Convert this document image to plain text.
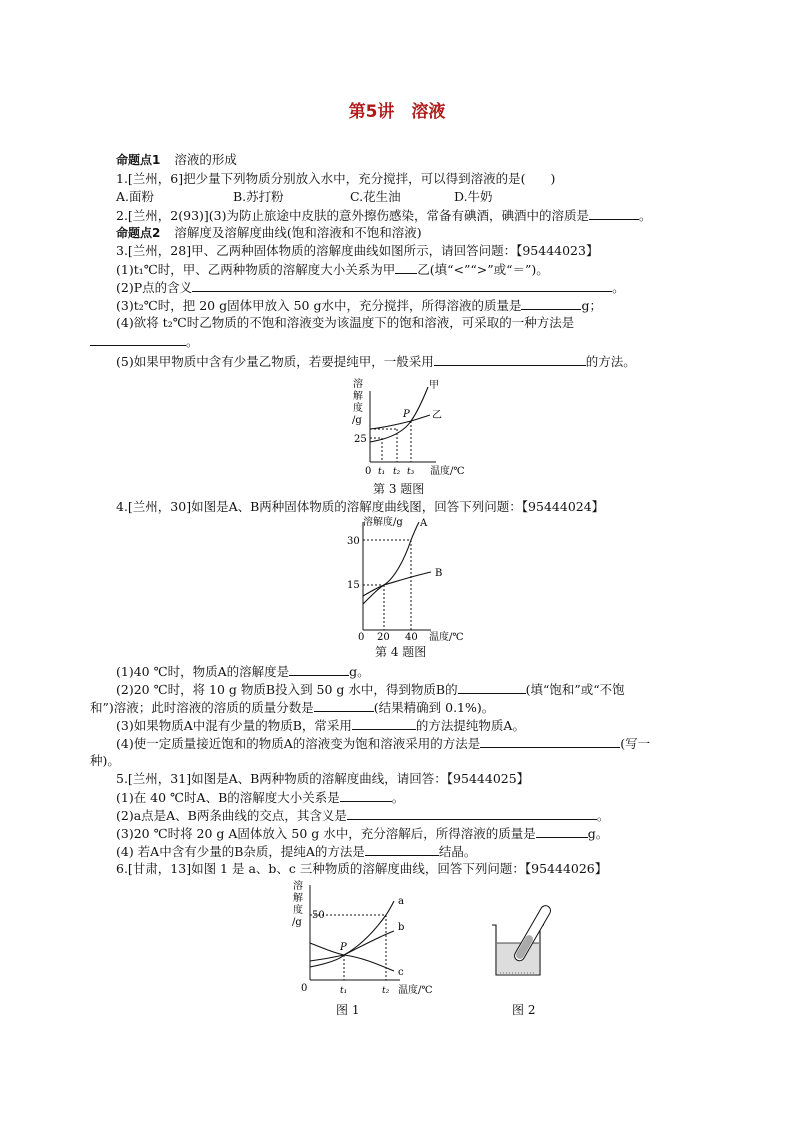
第5讲　溶液
命题点1 溶液的形成
1.[兰州，6]把少量下列物质分别放入水中，充分搅拌，可以得到溶液的是(　　)
A.面粉	B.苏打粉	C.花生油	D.牛奶
2.[兰州，2(93)](3)为防止旅途中皮肤的意外擦伤感染，常备有碘酒，碘酒中的溶质是	。
命题点2 溶解度及溶解度曲线(饱和溶液和不饱和溶液)
3.[兰州，28]甲、乙两种固体物质的溶解度曲线如图所示，请回答问题：【95444023】
(1)t₁℃时，甲、乙两种物质的溶解度大小关系为甲 乙(填“<”“>”或“＝”)。
(2)P点的含义	。
(3)t₂℃时，把 20 g固体甲放入 50 g水中，充分搅拌，所得溶液的质量是	g；
(4)欲将 t₂℃时乙物质的不饱和溶液变为该温度下的饱和溶液，可采取的一种方法是
。
(5)如果甲物质中含有少量乙物质，若要提纯甲，一般采用	的方法。
溶
解
度
/g
25
0
甲
乙
P
t₁ t₂ t₃ 温度/℃
第 3 题图
4.[兰州，30]如图是A、B两种固体物质的溶解度曲线图，回答下列问题：【95444024】
溶解度/g
30
15
0
A
B
20 40 温度/℃
第 4 题图
(1)40 ℃时，物质A的溶解度是	g。
(2)20 ℃时，将 10 g 物质B投入到 50 g 水中，得到物质B的	(填“饱和”或“不饱
和”)溶液；此时溶液的溶质的质量分数是	(结果精确到 0.1%)。
(3)如果物质A中混有少量的物质B，常采用	的方法提纯物质A。
(4)使一定质量接近饱和的物质A的溶液变为饱和溶液采用的方法是	(写一
种)。
5.[兰州，31]如图是A、B两种物质的溶解度曲线，请回答：【95444025】
(1)在 40 ℃时A、B的溶解度大小关系是	。
(2)a点是A、B两条曲线的交点，其含义是	。
(3)20 ℃时将 20 g A固体放入 50 g 水中，充分溶解后，所得溶液的质量是	g。
(4) 若A中含有少量的B杂质，提纯A的方法是	结晶。
6.[甘肃，13]如图 1 是 a、b、c 三种物质的溶解度曲线，回答下列问题：【95444026】
溶
解
度
/g
50
0
a
b
c
P
t₁	t₂ 温度/℃
图 1	图 2
